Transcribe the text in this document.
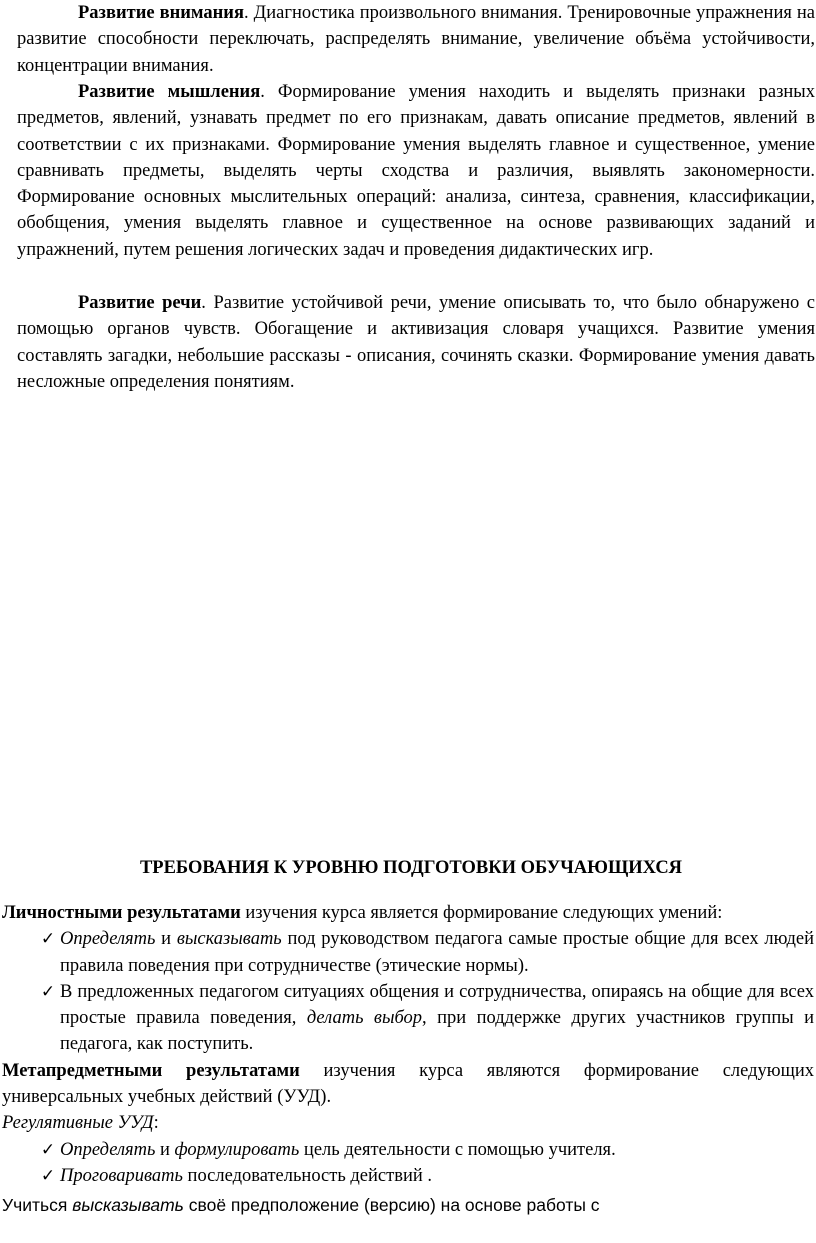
Развитие внимания. Диагностика произвольного внимания. Тренировочные упражнения на развитие способности переключать, распределять внимание, увеличение объёма устойчивости, концентрации внимания.

Развитие мышления. Формирование умения находить и выделять признаки разных предметов, явлений, узнавать предмет по его признакам, давать описание предметов, явлений в соответствии с их признаками. Формирование умения выделять главное и существенное, умение сравнивать предметы, выделять черты сходства и различия, выявлять закономерности. Формирование основных мыслительных операций: анализа, синтеза, сравнения, классификации, обобщения, умения выделять главное и существенное на основе развивающих заданий и упражнений, путем решения логических задач и проведения дидактических игр.

Развитие речи. Развитие устойчивой речи, умение описывать то, что было обнаружено с помощью органов чувств. Обогащение и активизация словаря учащихся. Развитие умения составлять загадки, небольшие рассказы - описания, сочинять сказки. Формирование умения давать несложные определения понятиям.

ТРЕБОВАНИЯ К УРОВНЮ ПОДГОТОВКИ ОБУЧАЮЩИХСЯ
Личностными результатами изучения курса является формирование следующих умений:
✓ Определять и высказывать под руководством педагога самые простые общие для всех людей правила поведения при сотрудничестве (этические нормы).
✓ В предложенных педагогом ситуациях общения и сотрудничества, опираясь на общие для всех простые правила поведения, делать выбор, при поддержке других участников группы и педагога, как поступить.
Метапредметными результатами изучения курса являются формирование следующих универсальных учебных действий (УУД).
Регулятивные УУД:
✓ Определять и формулировать цель деятельности с помощью учителя.
✓ Проговаривать последовательность действий .

Учиться высказывать своё предположение (версию) на основе работы с
